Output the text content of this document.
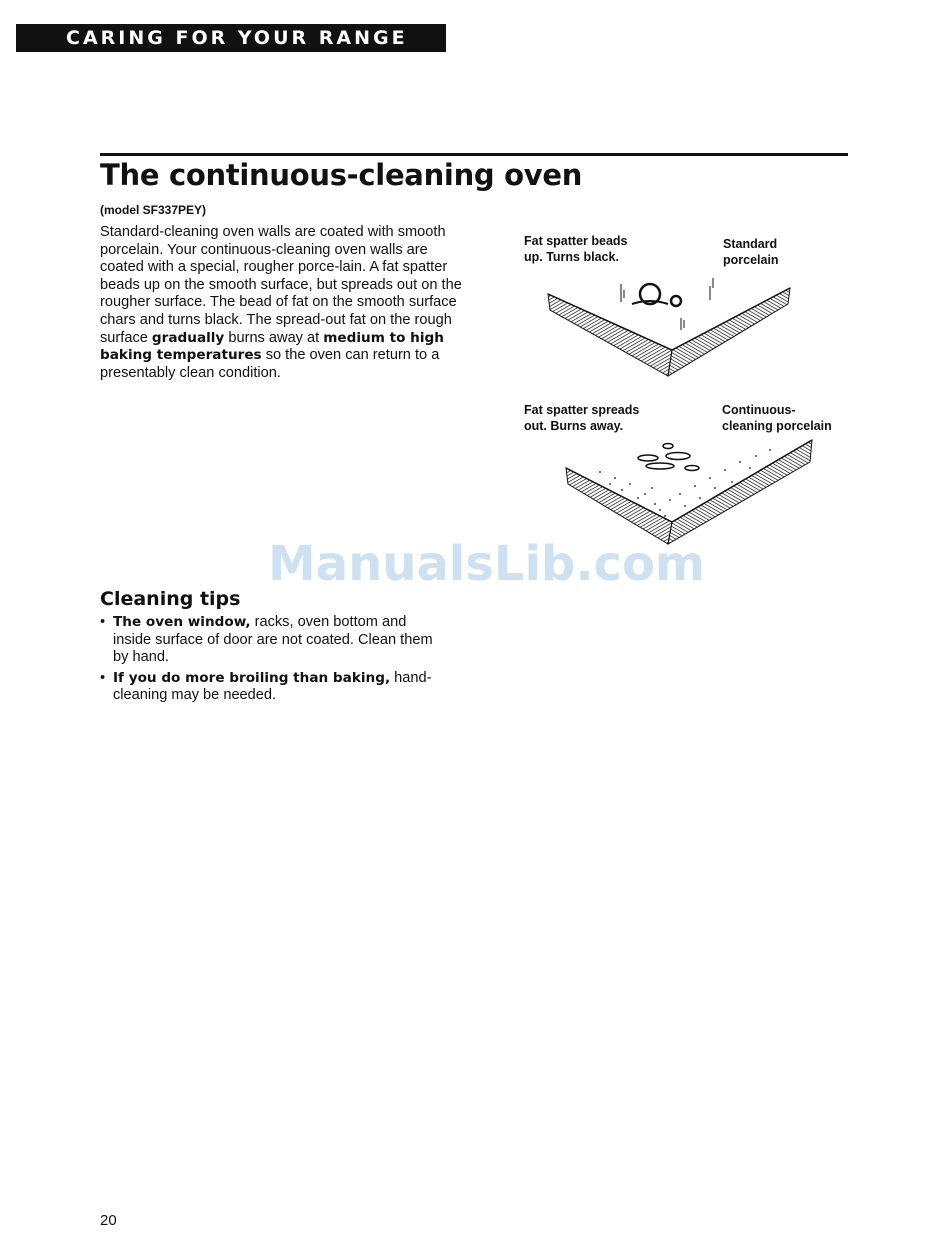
CARING FOR YOUR RANGE
The continuous-cleaning oven
(model SF337PEY)

Standard-cleaning oven walls are coated with smooth porcelain. Your continuous-cleaning oven walls are coated with a special, rougher porce-lain. A fat spatter beads up on the smooth surface, but spreads out on the rougher surface. The bead of fat on the smooth surface chars and turns black. The spread-out fat on the rough surface gradually burns away at medium to high baking temperatures so the oven can return to a presentably clean condition.

Fat spatter beads
up. Turns black.
Standard
porcelain
Fat spatter spreads
out. Burns away.
Continuous-
cleaning porcelain
ManualsLib.com
Cleaning tips
• The oven window, racks, oven bottom and inside surface of door are not coated. Clean them by hand.
• If you do more broiling than baking, hand-cleaning may be needed.
20
